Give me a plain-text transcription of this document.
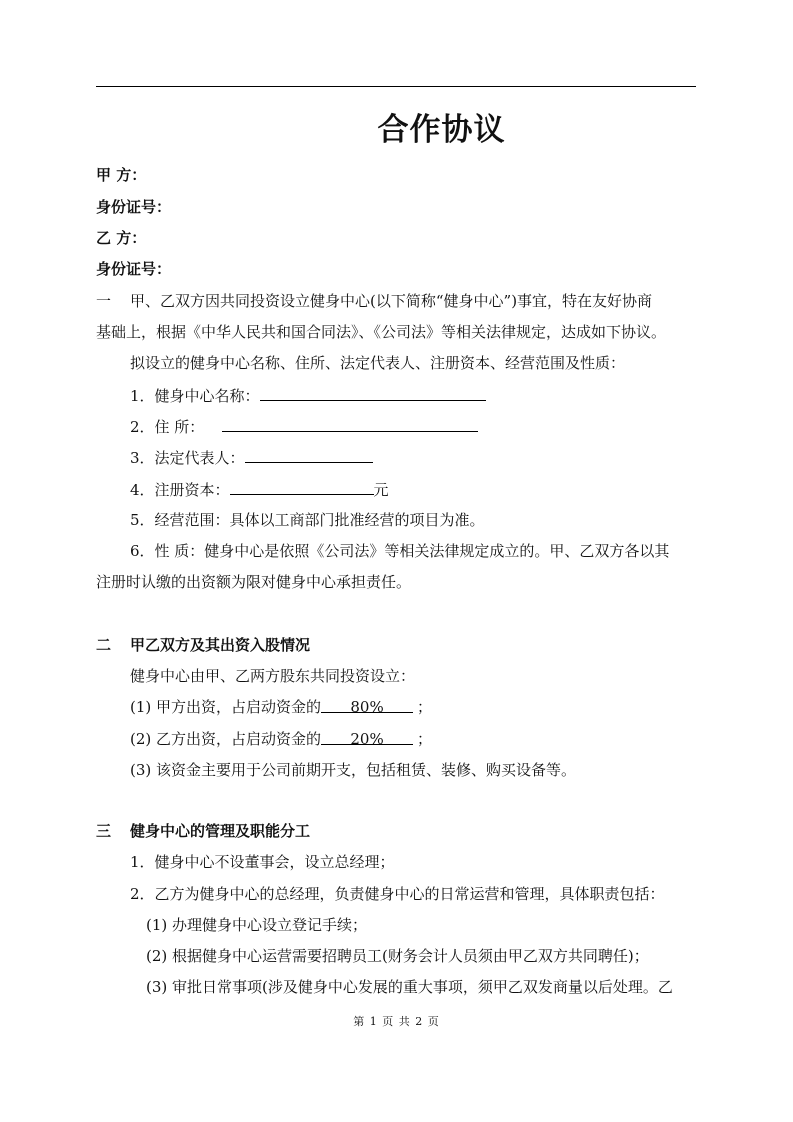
合作协议
甲 方：
身份证号：
乙 方：
身份证号：
一 甲、乙双方因共同投资设立健身中心(以下简称“健身中心”)事宜，特在友好协商
基础上，根据《中华人民共和国合同法》、《公司法》等相关法律规定，达成如下协议。
拟设立的健身中心名称、住所、法定代表人、注册资本、经营范围及性质：
1．健身中心名称：
2．住 所：
3．法定代表人：
4．注册资本：	元
5．经营范围：具体以工商部门批准经营的项目为准。
6．性 质：健身中心是依照《公司法》等相关法律规定成立的。甲、乙双方各以其
注册时认缴的出资额为限对健身中心承担责任。
二 甲乙双方及其出资入股情况
健身中心由甲、乙两方股东共同投资设立：
(1) 甲方出资，占启动资金的 80% ；
(2) 乙方出资，占启动资金的 20% ；
(3) 该资金主要用于公司前期开支，包括租赁、装修、购买设备等。
三 健身中心的管理及职能分工
1．健身中心不设董事会，设立总经理；
2．乙方为健身中心的总经理，负责健身中心的日常运营和管理，具体职责包括：
(1) 办理健身中心设立登记手续；
(2) 根据健身中心运营需要招聘员工(财务会计人员须由甲乙双方共同聘任)；
(3) 审批日常事项(涉及健身中心发展的重大事项，须甲乙双发商量以后处理。乙
第 1 页 共 2 页
